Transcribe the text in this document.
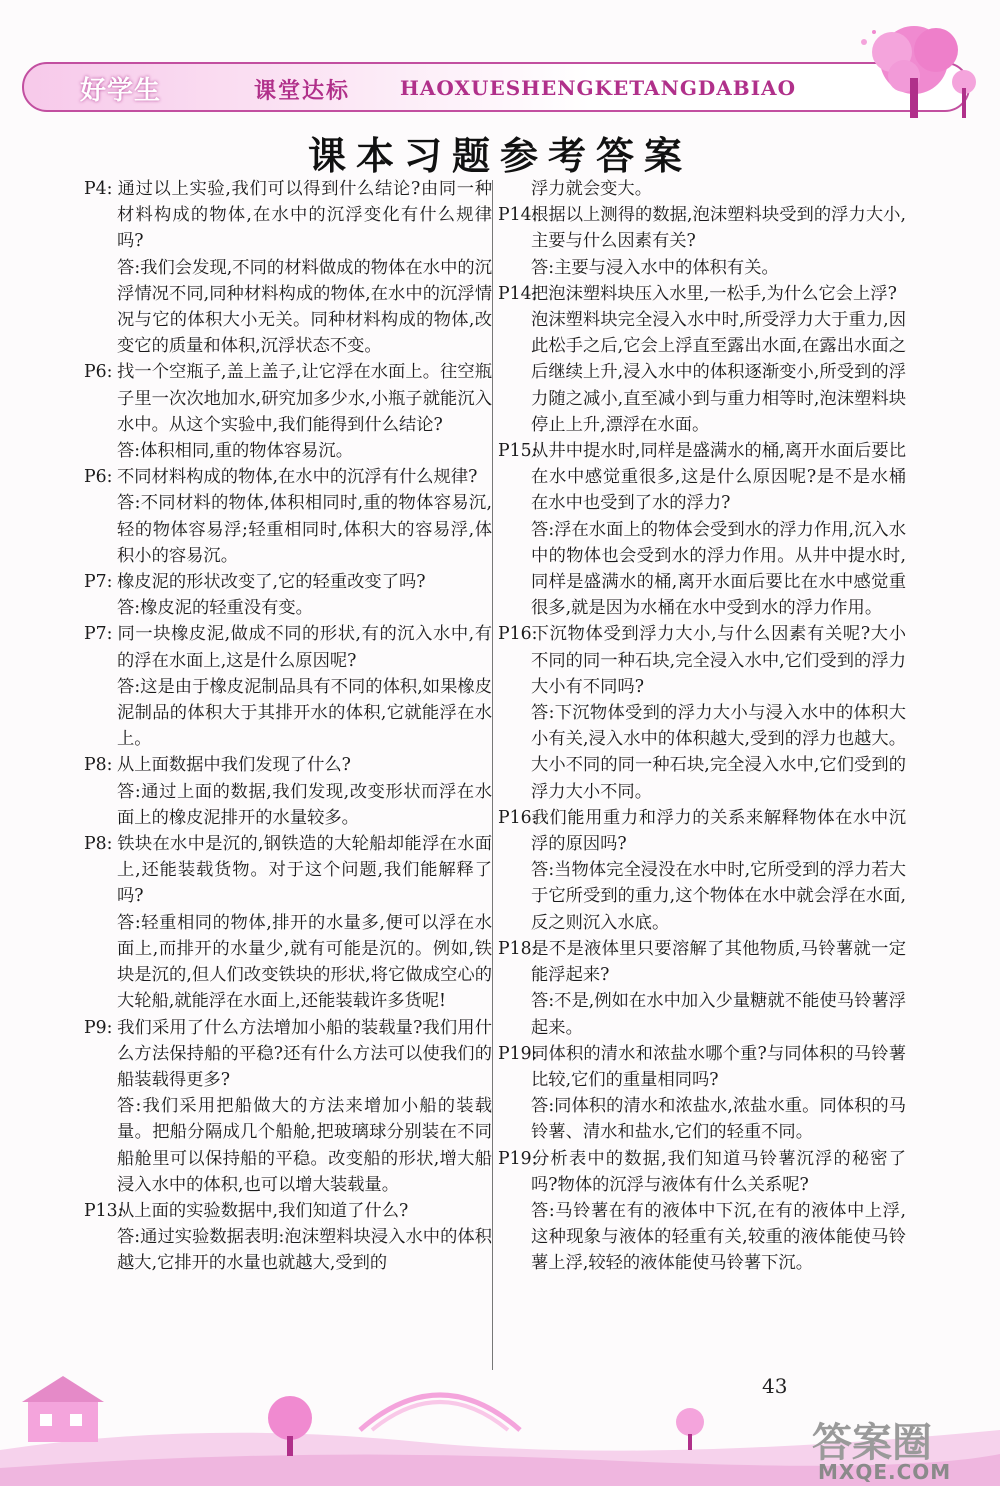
好学生	课堂达标 HAOXUESHENGKETANGDABIAO
课本习题参考答案
P4: 通过以上实验,我们可以得到什么结论?由同一种材料构成的物体,在水中的沉浮变化有什么规律吗?
答:我们会发现,不同的材料做成的物体在水中的沉浮情况不同,同种材料构成的物体,在水中的沉浮情况与它的体积大小无关。同种材料构成的物体,改变它的质量和体积,沉浮状态不变。
P6: 找一个空瓶子,盖上盖子,让它浮在水面上。往空瓶子里一次次地加水,研究加多少水,小瓶子就能沉入水中。从这个实验中,我们能得到什么结论?
答:体积相同,重的物体容易沉。
P6: 不同材料构成的物体,在水中的沉浮有什么规律?
答:不同材料的物体,体积相同时,重的物体容易沉,轻的物体容易浮;轻重相同时,体积大的容易浮,体积小的容易沉。
P7: 橡皮泥的形状改变了,它的轻重改变了吗?
答:橡皮泥的轻重没有变。
P7: 同一块橡皮泥,做成不同的形状,有的沉入水中,有的浮在水面上,这是什么原因呢?
答:这是由于橡皮泥制品具有不同的体积,如果橡皮泥制品的体积大于其排开水的体积,它就能浮在水上。
P8: 从上面数据中我们发现了什么?
答:通过上面的数据,我们发现,改变形状而浮在水面上的橡皮泥排开的水量较多。
P8: 铁块在水中是沉的,钢铁造的大轮船却能浮在水面上,还能装载货物。对于这个问题,我们能解释了吗?
答:轻重相同的物体,排开的水量多,便可以浮在水面上,而排开的水量少,就有可能是沉的。例如,铁块是沉的,但人们改变铁块的形状,将它做成空心的大轮船,就能浮在水面上,还能装载许多货呢!
P9: 我们采用了什么方法增加小船的装载量?我们用什么方法保持船的平稳?还有什么方法可以使我们的船装载得更多?
答:我们采用把船做大的方法来增加小船的装载量。把船分隔成几个船舱,把玻璃球分别装在不同船舱里可以保持船的平稳。改变船的形状,增大船浸入水中的体积,也可以增大装载量。
P13:从上面的实验数据中,我们知道了什么?
答:通过实验数据表明:泡沫塑料块浸入水中的体积越大,它排开的水量也就越大,受到的
浮力就会变大。
P14:根据以上测得的数据,泡沫塑料块受到的浮力大小,主要与什么因素有关?
答:主要与浸入水中的体积有关。
P14:把泡沫塑料块压入水里,一松手,为什么它会上浮?
泡沫塑料块完全浸入水中时,所受浮力大于重力,因此松手之后,它会上浮直至露出水面,在露出水面之后继续上升,浸入水中的体积逐渐变小,所受到的浮力随之减小,直至减小到与重力相等时,泡沫塑料块停止上升,漂浮在水面。
P15:从井中提水时,同样是盛满水的桶,离开水面后要比在水中感觉重很多,这是什么原因呢?是不是水桶在水中也受到了水的浮力?
答:浮在水面上的物体会受到水的浮力作用,沉入水中的物体也会受到水的浮力作用。从井中提水时,同样是盛满水的桶,离开水面后要比在水中感觉重很多,就是因为水桶在水中受到水的浮力作用。
P16:下沉物体受到浮力大小,与什么因素有关呢?大小不同的同一种石块,完全浸入水中,它们受到的浮力大小有不同吗?
答:下沉物体受到的浮力大小与浸入水中的体积大小有关,浸入水中的体积越大,受到的浮力也越大。大小不同的同一种石块,完全浸入水中,它们受到的浮力大小不同。
P16:我们能用重力和浮力的关系来解释物体在水中沉浮的原因吗?
答:当物体完全浸没在水中时,它所受到的浮力若大于它所受到的重力,这个物体在水中就会浮在水面,反之则沉入水底。
P18:是不是液体里只要溶解了其他物质,马铃薯就一定能浮起来?
答:不是,例如在水中加入少量糖就不能使马铃薯浮起来。
P19:同体积的清水和浓盐水哪个重?与同体积的马铃薯比较,它们的重量相同吗?
答:同体积的清水和浓盐水,浓盐水重。同体积的马铃薯、清水和盐水,它们的轻重不同。
P19:分析表中的数据,我们知道马铃薯沉浮的秘密了吗?物体的沉浮与液体有什么关系呢?
答:马铃薯在有的液体中下沉,在有的液体中上浮,这种现象与液体的轻重有关,较重的液体能使马铃薯上浮,较轻的液体能使马铃薯下沉。
43
答案圈
MXQE.COM
